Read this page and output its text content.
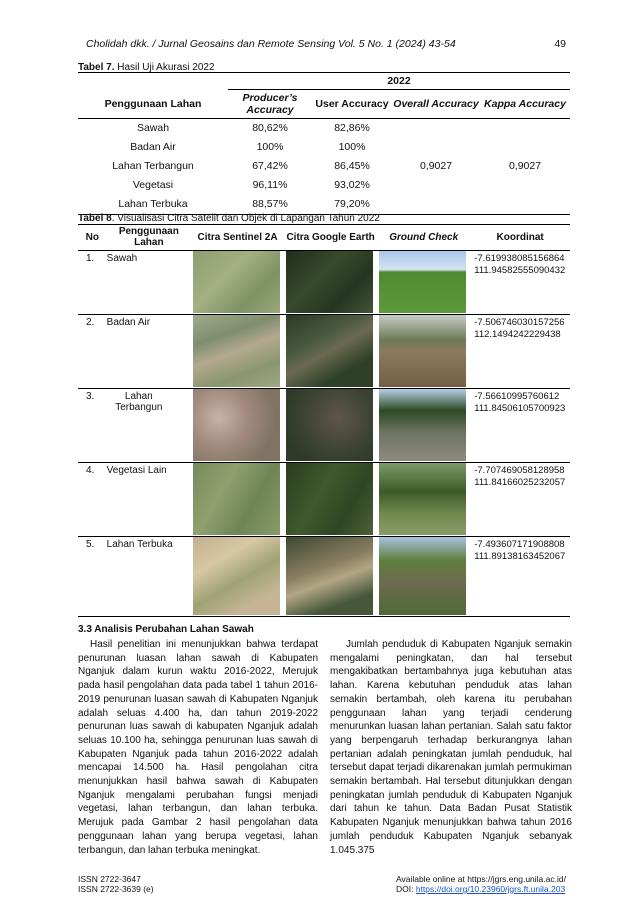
Cholidah dkk. / Jurnal Geosains dan Remote Sensing Vol. 5 No. 1 (2024) 43-54	49
Tabel 7. Hasil Uji Akurasi 2022
	2022			
Penggunaan Lahan	Producer’s Accuracy	User Accuracy	Overall Accuracy	Kappa Accuracy
Sawah	80,62%	82,86%	0,9027	0,9027
Badan Air	100%	100%		
Lahan Terbangun	67,42%	86,45%		
Vegetasi	96,11%	93,02%		
Lahan Terbuka	88,57%	79,20%		

Tabel 8. Visualisasi Citra Satelit dan Objek di Lapangan Tahun 2022
No	Penggunaan Lahan	Citra Sentinel 2A	Citra Google Earth	Ground Check	Koordinat
1.	Sawah				-7.619938085156864
111.94582555090432

2.	Badan Air				-7.506746030157256
112.1494242229438

3.	Lahan Terbangun				-7.56610995760612
111.84506105700923

4.	Vegetasi Lain				-7.707469058128958
111.84166025232057

5.	Lahan Terbuka				-7.493607171908808
111.89138163452067
3.3 Analisis Perubahan Lahan Sawah

Hasil penelitian ini menunjukkan bahwa terdapat penurunan luasan lahan sawah di Kabupaten Nganjuk dalam kurun waktu 2016-2022, Merujuk pada hasil pengolahan data pada tabel 1 tahun 2016-2019 penurunan luasan sawah di Kabupaten Nganjuk adalah seluas 4.400 ha, dan tahun 2019-2022 penurunan luas sawah di kabupaten Nganjuk adalah seluas 10.100 ha, sehingga penurunan luas sawah di Kabupaten Nganjuk pada tahun 2016-2022 adalah mencapai 14.500 ha. Hasil pengolahan citra menunjukkan hasil bahwa sawah di Kabupaten Nganjuk mengalami perubahan fungsi menjadi vegetasi, lahan terbangun, dan lahan terbuka. Merujuk pada Gambar 2 hasil pengolahan data penggunaan lahan yang berupa vegetasi, lahan terbangun, dan lahan terbuka meningkat.

Jumlah penduduk di Kabupaten Nganjuk semakin mengalami peningkatan, dan hal tersebut mengakibatkan bertambahnya juga kebutuhan atas lahan. Karena kebutuhan penduduk atas lahan semakin bertambah, oleh karena itu perubahan penggunaan lahan yang terjadi cenderung menurunkan luasan lahan pertanian. Salah satu faktor yang berpengaruh terhadap berkurangnya lahan pertanian adalah peningkatan jumlah penduduk, hal tersebut dapat terjadi dikarenakan jumlah permukiman semakin bertambah. Hal tersebut ditunjukkan dengan peningkatan jumlah penduduk di Kabupaten Nganjuk dari tahun ke tahun. Data Badan Pusat Statistik Kabupaten Nganjuk menunjukkan bahwa tahun 2016 jumlah penduduk Kabupaten Nganjuk sebanyak 1.045.375

ISSN 2722-3647
ISSN 2722-3639 (e)
Available online at https://jgrs.eng.unila.ac.id/
DOI: https://doi.org/10.23960/jgrs.ft.unila.203
